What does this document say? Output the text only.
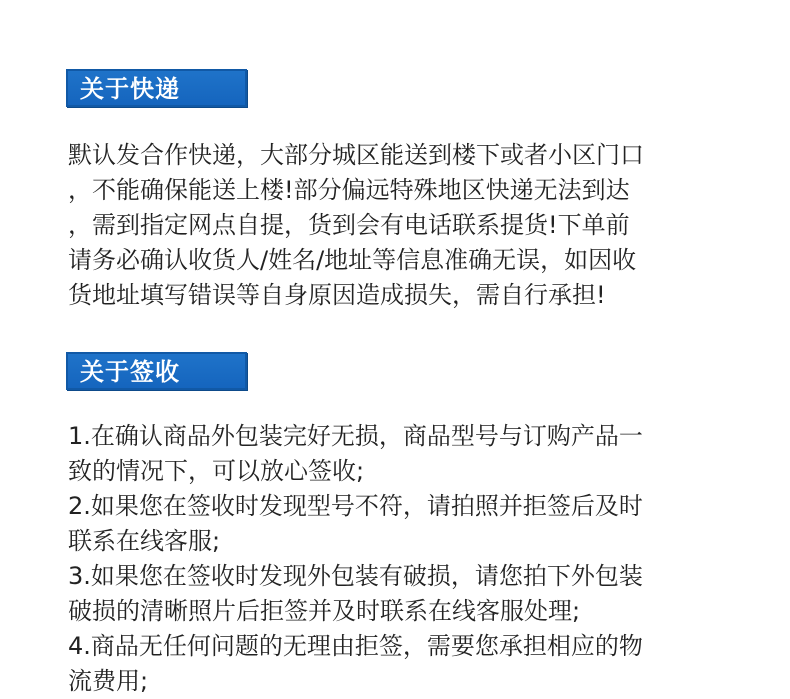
关于快递
默认发合作快递，大部分城区能送到楼下或者小区门口
，不能确保能送上楼!部分偏远特殊地区快递无法到达
，需到指定网点自提，货到会有电话联系提货!下单前
请务必确认收货人/姓名/地址等信息准确无误，如因收
货地址填写错误等自身原因造成损失，需自行承担!
关于签收
1.在确认商品外包装完好无损，商品型号与订购产品一
致的情况下，可以放心签收;
2.如果您在签收时发现型号不符，请拍照并拒签后及时
联系在线客服;
3.如果您在签收时发现外包装有破损，请您拍下外包装
破损的清晰照片后拒签并及时联系在线客服处理;
4.商品无任何问题的无理由拒签，需要您承担相应的物
流费用;
